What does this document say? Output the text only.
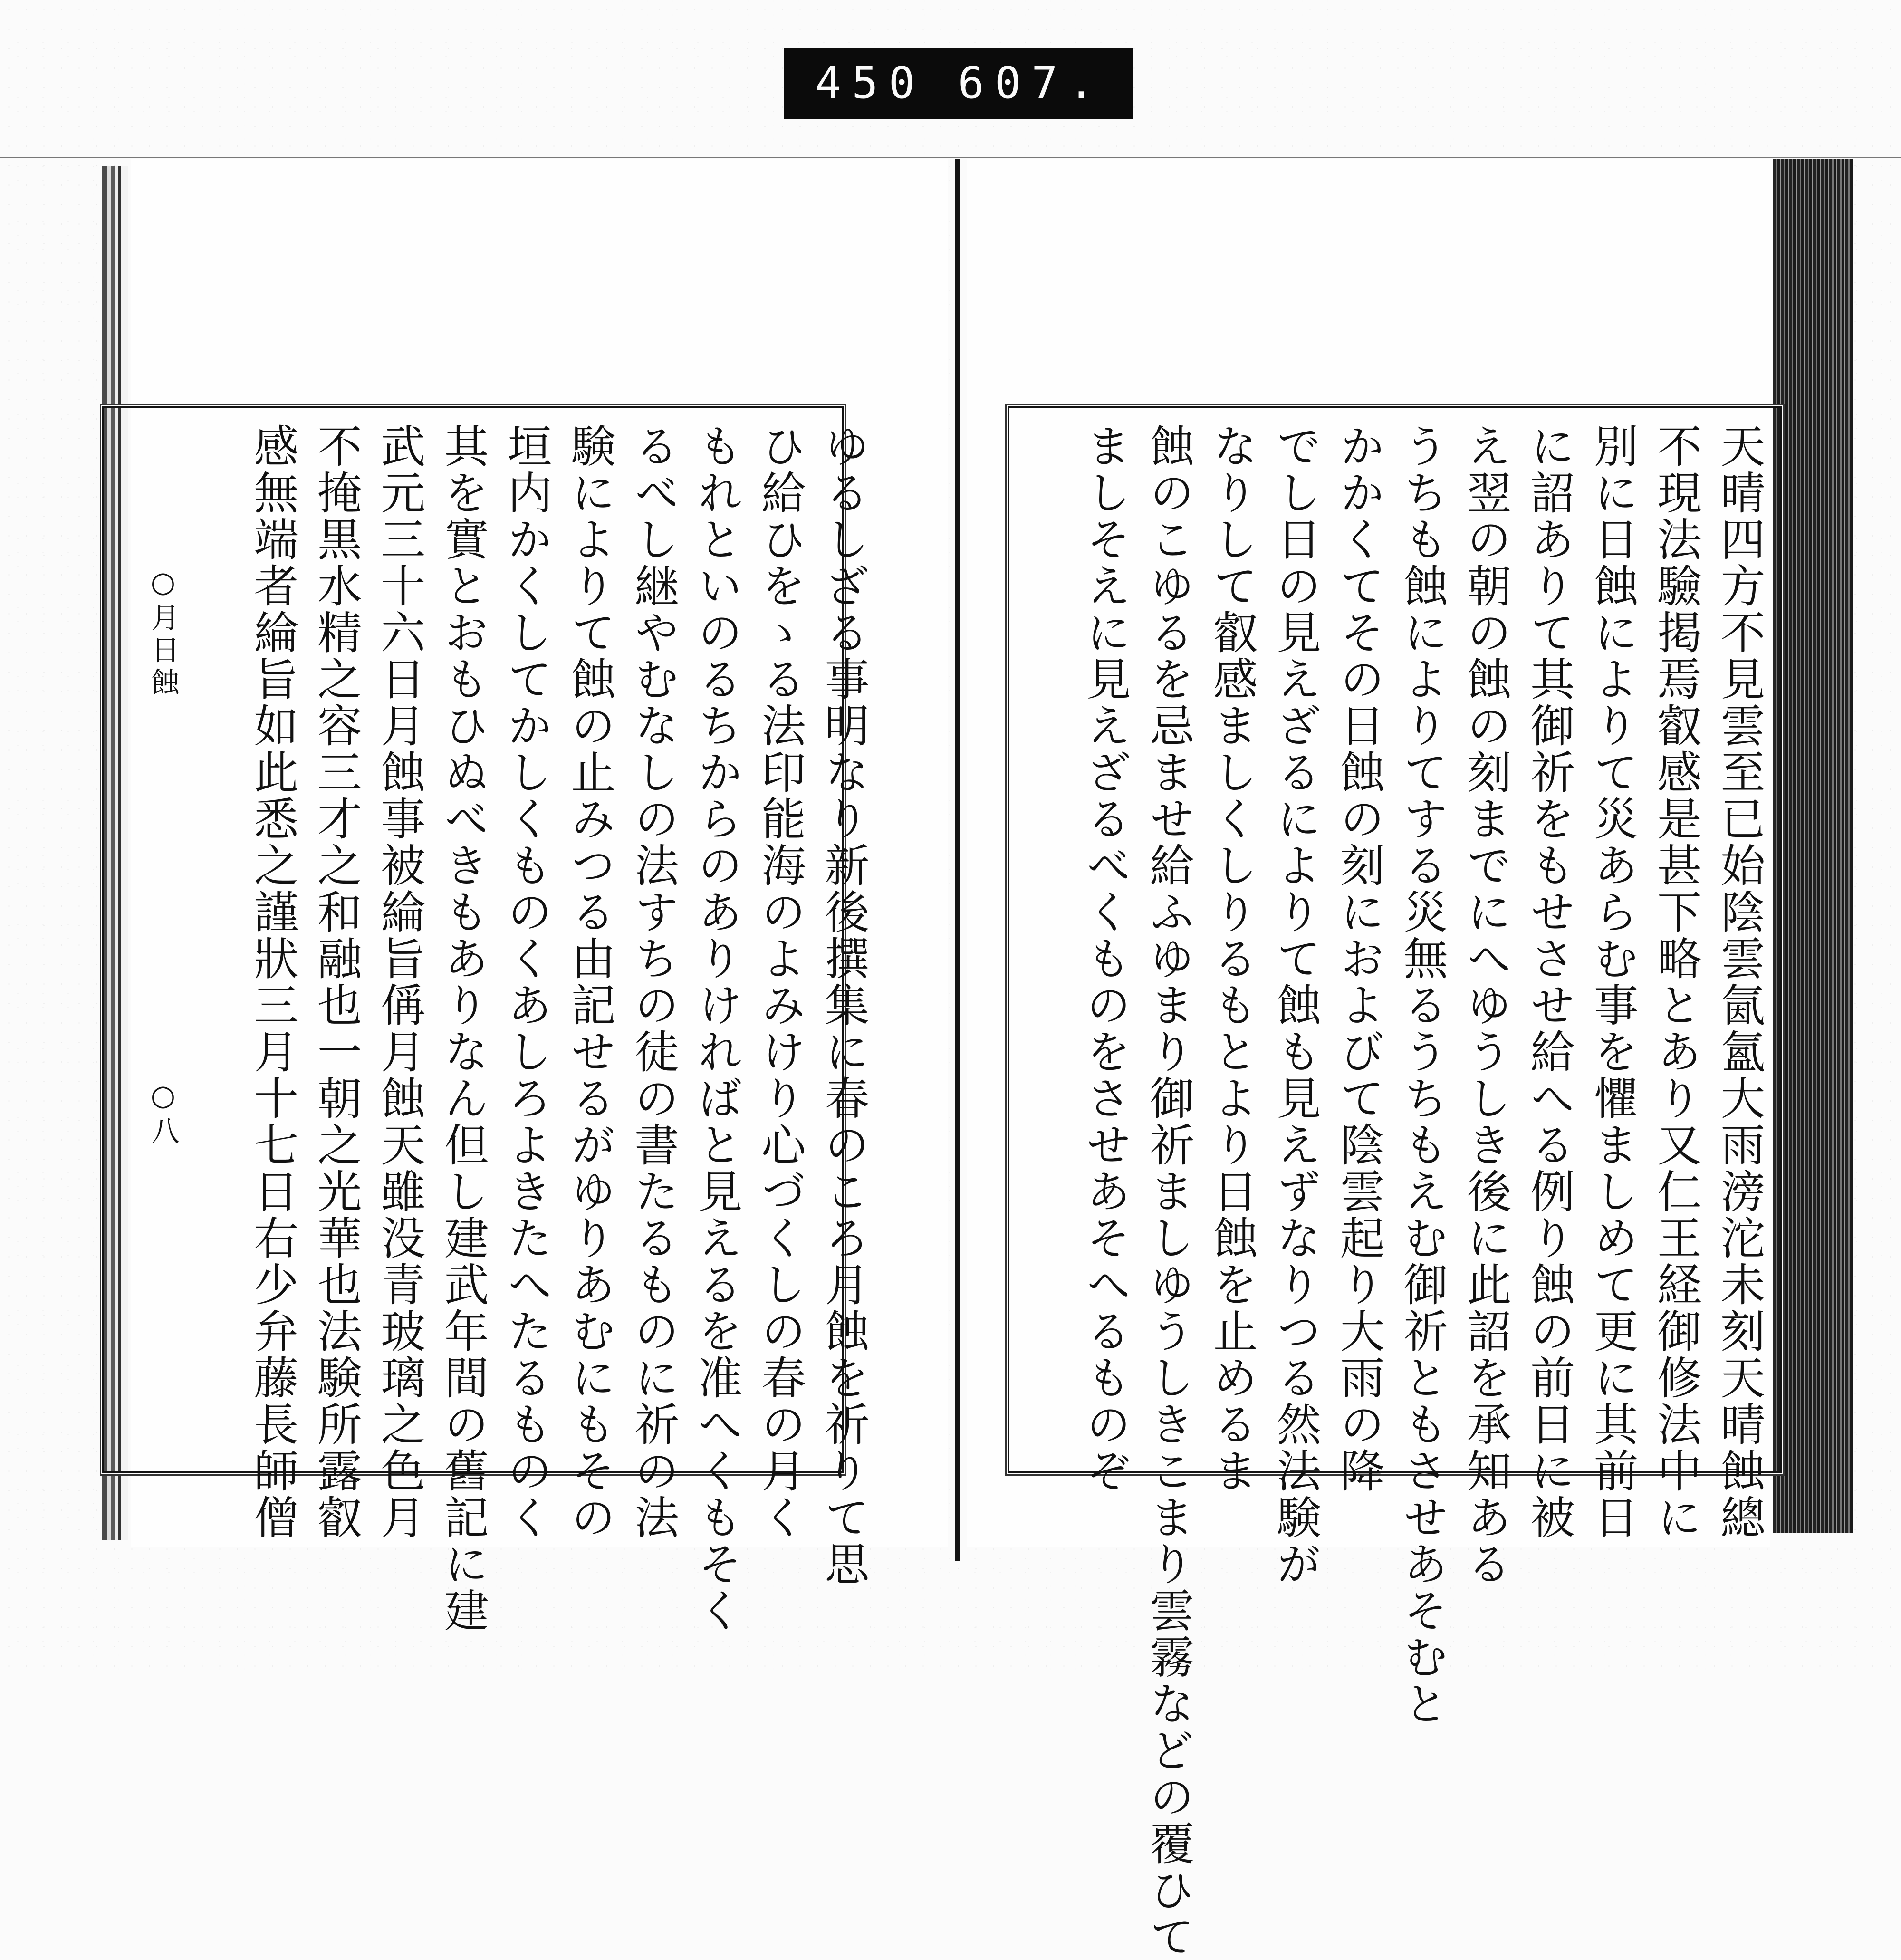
450 607.
○月日蝕
○八	ゆるしざる事明なり新後撰集に春のころ月蝕を祈りて思
ひ給ひをゝる法印能海のよみけり心づくしの春の月く
もれといのるちからのありければと見えるを准へくもそく
るべし継やむなしの法すちの徒の書たるものに祈の法
験によりて蝕の止みつる由記せるがゆりあむにもその
垣内かくしてかしくものくあしろよきたへたるものく
其を實とおもひぬべきもありなん但し建武年間の舊記に建
武元三十六日月蝕事被綸旨偁月蝕天雖没青玻璃之色月
不掩黒水精之容三才之和融也一朝之光華也法験所露叡
感無端者綸旨如此悉之謹狀三月十七日右少弁藤長師僧	天晴四方不見雲至已始陰雲氤氳大雨滂沱未刻天晴蝕總
不現法驗掲焉叡感是甚下略とあり又仁王経御修法中に
別に日蝕によりて災あらむ事を懼ましめて更に其前日
に詔ありて其御祈をもせさせ給へる例り蝕の前日に被
え翌の朝の蝕の刻までにへゆうしき後に此詔を承知ある
うちも蝕によりてする災無るうちもえむ御祈ともさせあそむと
かかくてその日蝕の刻におよびて陰雲起り大雨の降
でし日の見えざるによりて蝕も見えずなりつる然法験が
なりして叡感ましくしりるもとより日蝕を止めるま
蝕のこゆるを忌ませ給ふゆまり御祈ましゆうしきこまり雲霧などの覆ひて
ましそえに見えざるべくものをさせあそへるものぞ
